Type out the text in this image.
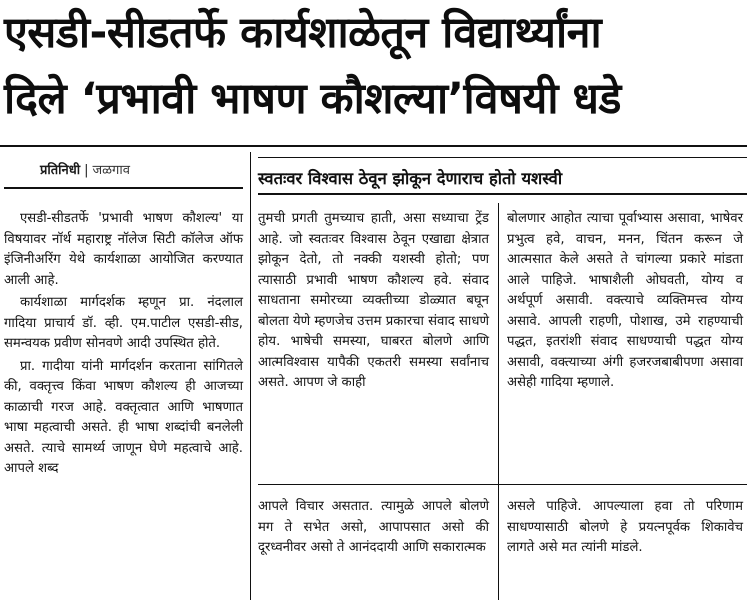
एसडी-सीडतर्फे कार्यशाळेतून विद्यार्थ्यांना
दिले ‘प्रभावी भाषण कौशल्या’विषयी धडे
प्रतिनिधी | जळगाव	स्वतःवर विश्वास ठेवून झोकून देणाराच होतो यशस्वी

एसडी-सीडतर्फे 'प्रभावी भाषण कौशल्य' या विषयावर नॉर्थ महाराष्ट्र नॉलेज सिटी कॉलेज ऑफ इंजिनीअरिंग येथे कार्यशाळा आयोजित करण्यात आली आहे.

कार्यशाळा मार्गदर्शक म्हणून प्रा. नंदलाल गादिया प्राचार्य डॉ. व्ही. एम.पाटील एसडी-सीड, समन्वयक प्रवीण सोनवणे आदी उपस्थित होते.

प्रा. गादीया यांनी मार्गदर्शन करताना सांगितले की, वक्तृत्त्व किंवा भाषण कौशल्य ही आजच्या काळाची गरज आहे. वक्तृत्वात आणि भाषणात भाषा महत्वाची असते. ही भाषा शब्दांची बनलेली असते. त्याचे सामर्थ्य जाणून घेणे महत्वाचे आहे. आपले शब्द

तुमची प्रगती तुमच्याच हाती, असा सध्याचा ट्रेंड आहे. जो स्वतःवर विश्वास ठेवून एखाद्या क्षेत्रात झोकून देतो, तो नक्की यशस्वी होतो; पण त्यासाठी प्रभावी भाषण कौशल्य हवे. संवाद साधताना समोरच्या व्यक्तीच्या डोळ्यात बघून बोलता येणे म्हणजेच उत्तम प्रकारचा संवाद साधणे होय. भाषेची समस्या, घाबरत बोलणे आणि आत्मविश्वास यापैकी एकतरी समस्या सर्वांनाच असते. आपण जे काही

बोलणार आहोत त्याचा पूर्वाभ्यास असावा, भाषेवर प्रभुत्व हवे, वाचन, मनन, चिंतन करून जे आत्मसात केले असते ते चांगल्या प्रकारे मांडता आले पाहिजे. भाषाशैली ओघवती, योग्य व अर्थपूर्ण असावी. वक्त्याचे व्यक्तिमत्त्व योग्य असावे. आपली राहणी, पोशाख, उमे राहण्याची पद्धत, इतरांशी संवाद साधण्याची पद्धत योग्य असावी, वक्त्याच्या अंगी हजरजबाबीपणा असावा असेही गादिया म्हणाले.

आपले विचार असतात. त्यामुळे आपले बोलणे मग ते सभेत असो, आपापसात असो की दूरध्वनीवर असो ते आनंददायी आणि सकारात्मक

असले पाहिजे. आपल्याला हवा तो परिणाम साधण्यासाठी बोलणे हे प्रयत्नपूर्वक शिकावेच लागते असे मत त्यांनी मांडले.
